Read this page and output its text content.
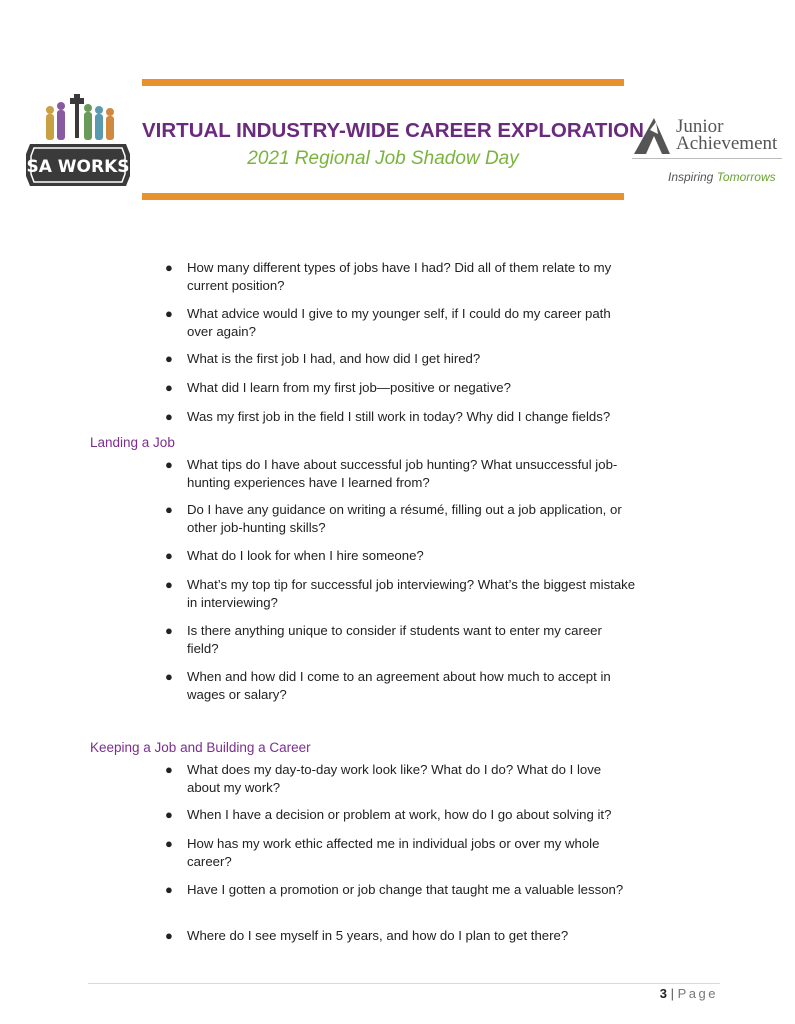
SA WORKS
VIRTUAL INDUSTRY-WIDE CAREER EXPLORATION
2021 Regional Job Shadow Day
Junior
Achievement
Inspiring Tomorrows
● How many different types of jobs have I had? Did all of them relate to my current position?
● What advice would I give to my younger self, if I could do my career path over again?
● What is the first job I had, and how did I get hired?
● What did I learn from my first job—positive or negative?
● Was my first job in the field I still work in today? Why did I change fields?
Landing a Job
● What tips do I have about successful job hunting? What unsuccessful job-hunting experiences have I learned from?
● Do I have any guidance on writing a résumé, filling out a job application, or other job-hunting skills?
● What do I look for when I hire someone?
● What’s my top tip for successful job interviewing? What’s the biggest mistake in interviewing?
● Is there anything unique to consider if students want to enter my career field?
● When and how did I come to an agreement about how much to accept in wages or salary?
Keeping a Job and Building a Career
● What does my day-to-day work look like? What do I do? What do I love about my work?
● When I have a decision or problem at work, how do I go about solving it?
● How has my work ethic affected me in individual jobs or over my whole career?
● Have I gotten a promotion or job change that taught me a valuable lesson?
● Where do I see myself in 5 years, and how do I plan to get there?
3 | Page
